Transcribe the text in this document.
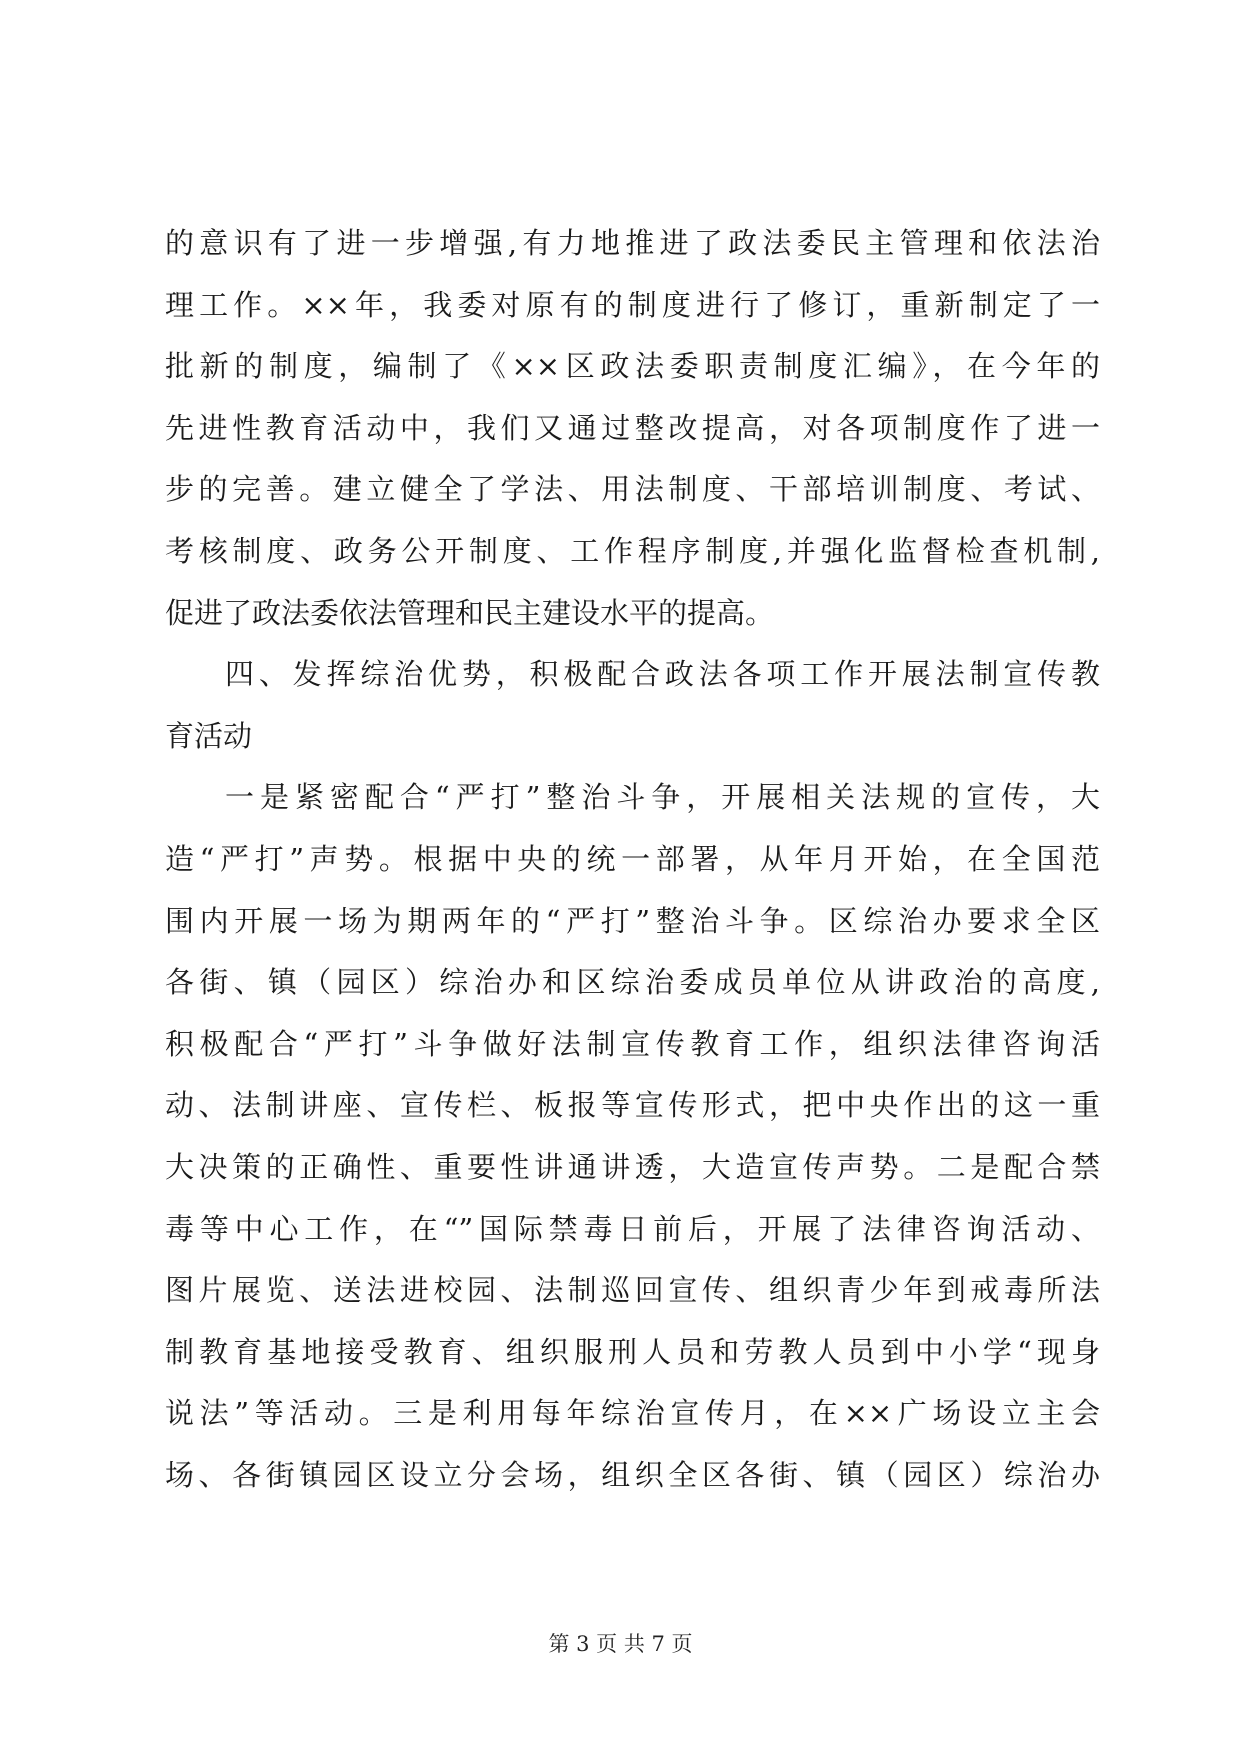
的意识有了进一步增强,有力地推进了政法委民主管理和依法治
理工作。××年，我委对原有的制度进行了修订，重新制定了一
批新的制度，编制了《××区政法委职责制度汇编》，在今年的
先进性教育活动中，我们又通过整改提高，对各项制度作了进一
步的完善。建立健全了学法、用法制度、干部培训制度、考试、
考核制度、政务公开制度、工作程序制度,并强化监督检查机制,
促进了政法委依法管理和民主建设水平的提高。
四、发挥综治优势，积极配合政法各项工作开展法制宣传教
育活动
一是紧密配合“严打”整治斗争，开展相关法规的宣传，大
造“严打”声势。根据中央的统一部署，从年月开始，在全国范
围内开展一场为期两年的“严打”整治斗争。区综治办要求全区
各街、镇（园区）综治办和区综治委成员单位从讲政治的高度,
积极配合“严打”斗争做好法制宣传教育工作，组织法律咨询活
动、法制讲座、宣传栏、板报等宣传形式，把中央作出的这一重
大决策的正确性、重要性讲通讲透，大造宣传声势。二是配合禁
毒等中心工作，在“”国际禁毒日前后，开展了法律咨询活动、
图片展览、送法进校园、法制巡回宣传、组织青少年到戒毒所法
制教育基地接受教育、组织服刑人员和劳教人员到中小学“现身
说法”等活动。三是利用每年综治宣传月，在××广场设立主会
场、各街镇园区设立分会场，组织全区各街、镇（园区）综治办
第 3 页 共 7 页
